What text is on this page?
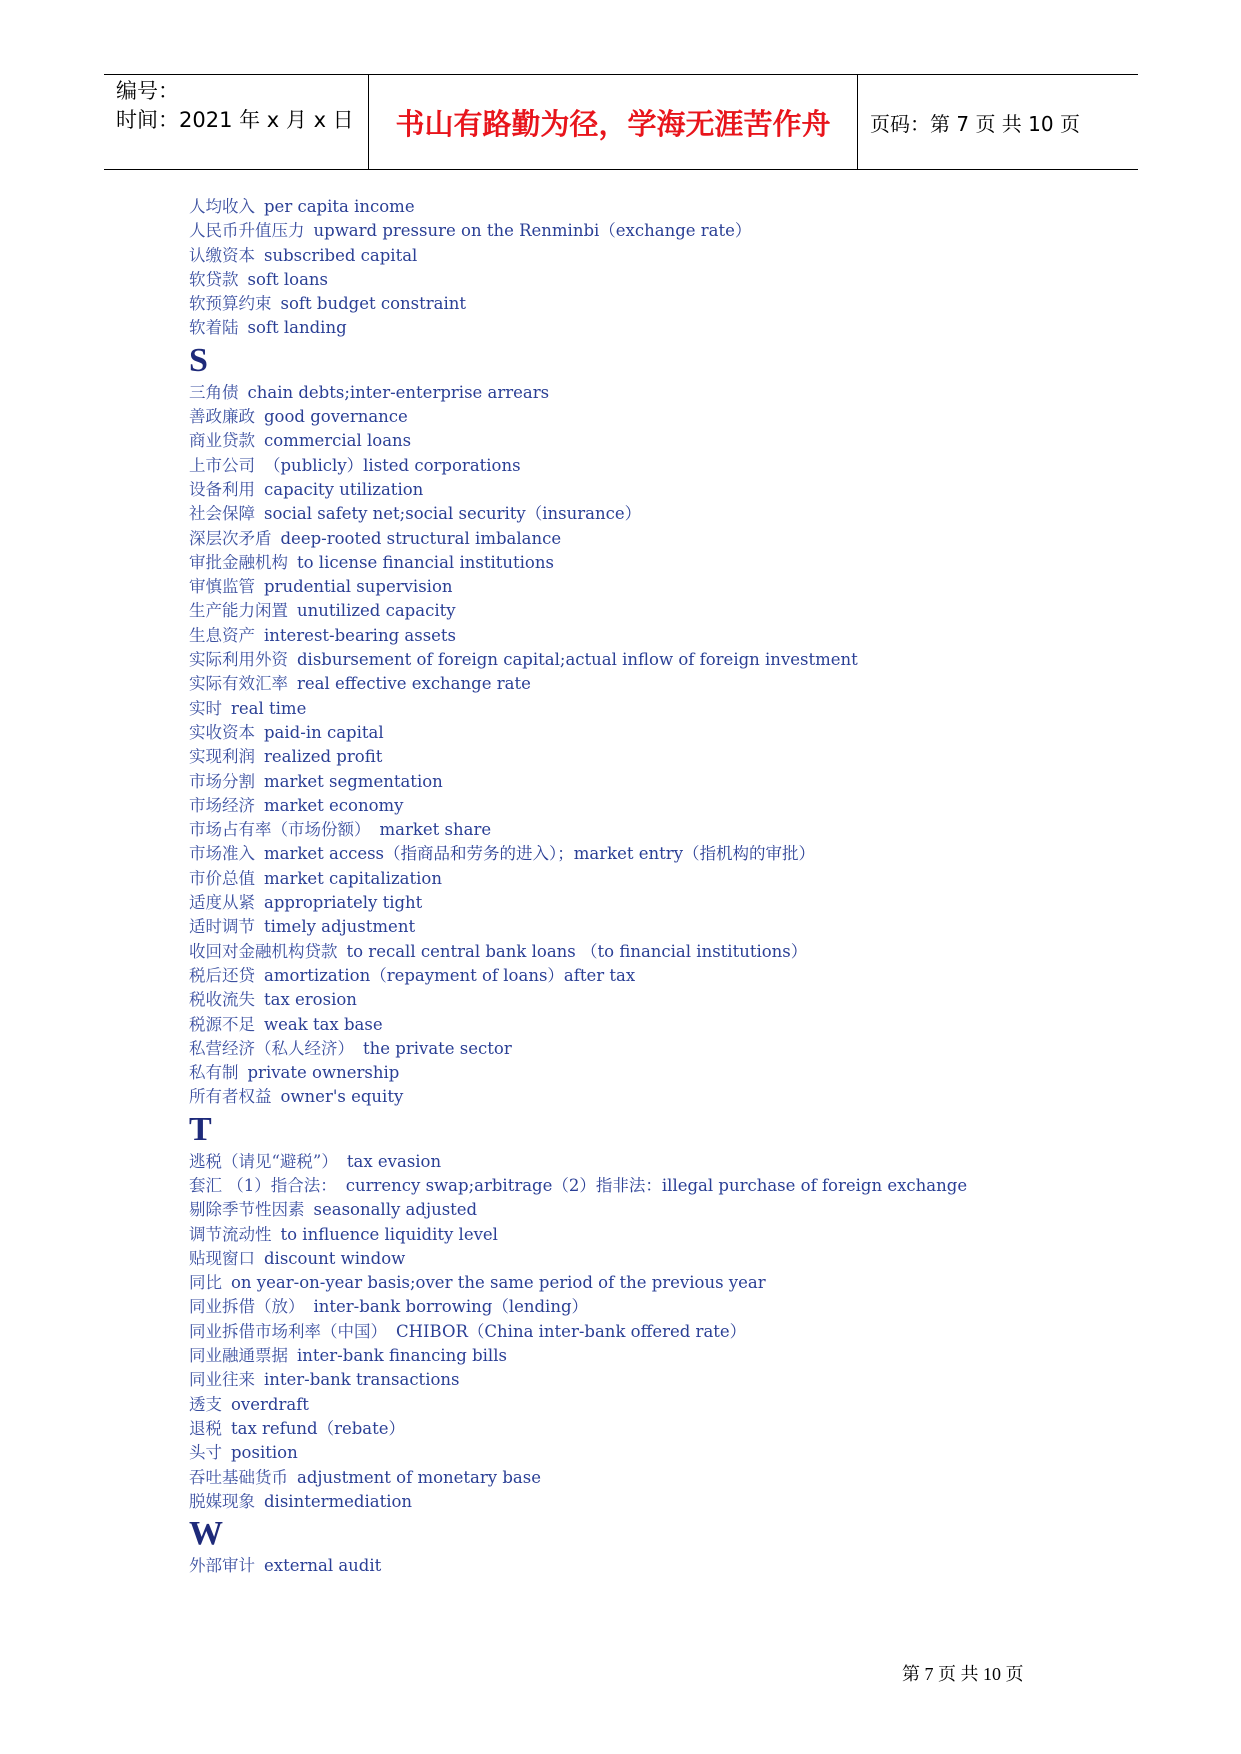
编号：
时间：2021 年 x 月 x 日	书山有路勤为径，学海无涯苦作舟	页码：第 7 页 共 10 页
人均收入 per capita income
人民币升值压力 upward pressure on the Renminbi（exchange rate）
认缴资本 subscribed capital
软贷款 soft loans
软预算约束 soft budget constraint
软着陆 soft landing
S
三角债 chain debts;inter-enterprise arrears
善政廉政 good governance
商业贷款 commercial loans
上市公司 （publicly）listed corporations
设备利用 capacity utilization
社会保障 social safety net;social security（insurance）
深层次矛盾 deep-rooted structural imbalance
审批金融机构 to license financial institutions
审慎监管 prudential supervision
生产能力闲置 unutilized capacity
生息资产 interest-bearing assets
实际利用外资 disbursement of foreign capital;actual inflow of foreign investment
实际有效汇率 real effective exchange rate
实时 real time
实收资本 paid-in capital
实现利润 realized profit
市场分割 market segmentation
市场经济 market economy
市场占有率（市场份额） market share
市场准入 market access（指商品和劳务的进入）；market entry（指机构的审批）
市价总值 market capitalization
适度从紧 appropriately tight
适时调节 timely adjustment
收回对金融机构贷款 to recall central bank loans （to financial institutions）
税后还贷 amortization（repayment of loans）after tax
税收流失 tax erosion
税源不足 weak tax base
私营经济（私人经济） the private sector
私有制 private ownership
所有者权益 owner's equity
T
逃税（请见“避税”） tax evasion
套汇 （1）指合法： currency swap;arbitrage（2）指非法：illegal purchase of foreign exchange
剔除季节性因素 seasonally adjusted
调节流动性 to influence liquidity level
贴现窗口 discount window
同比 on year-on-year basis;over the same period of the previous year
同业拆借（放） inter-bank borrowing（lending）
同业拆借市场利率（中国） CHIBOR（China inter-bank offered rate）
同业融通票据 inter-bank financing bills
同业往来 inter-bank transactions
透支 overdraft
退税 tax refund（rebate）
头寸 position
吞吐基础货币 adjustment of monetary base
脱媒现象 disintermediation
W
外部审计 external audit
第 7 页 共 10 页
